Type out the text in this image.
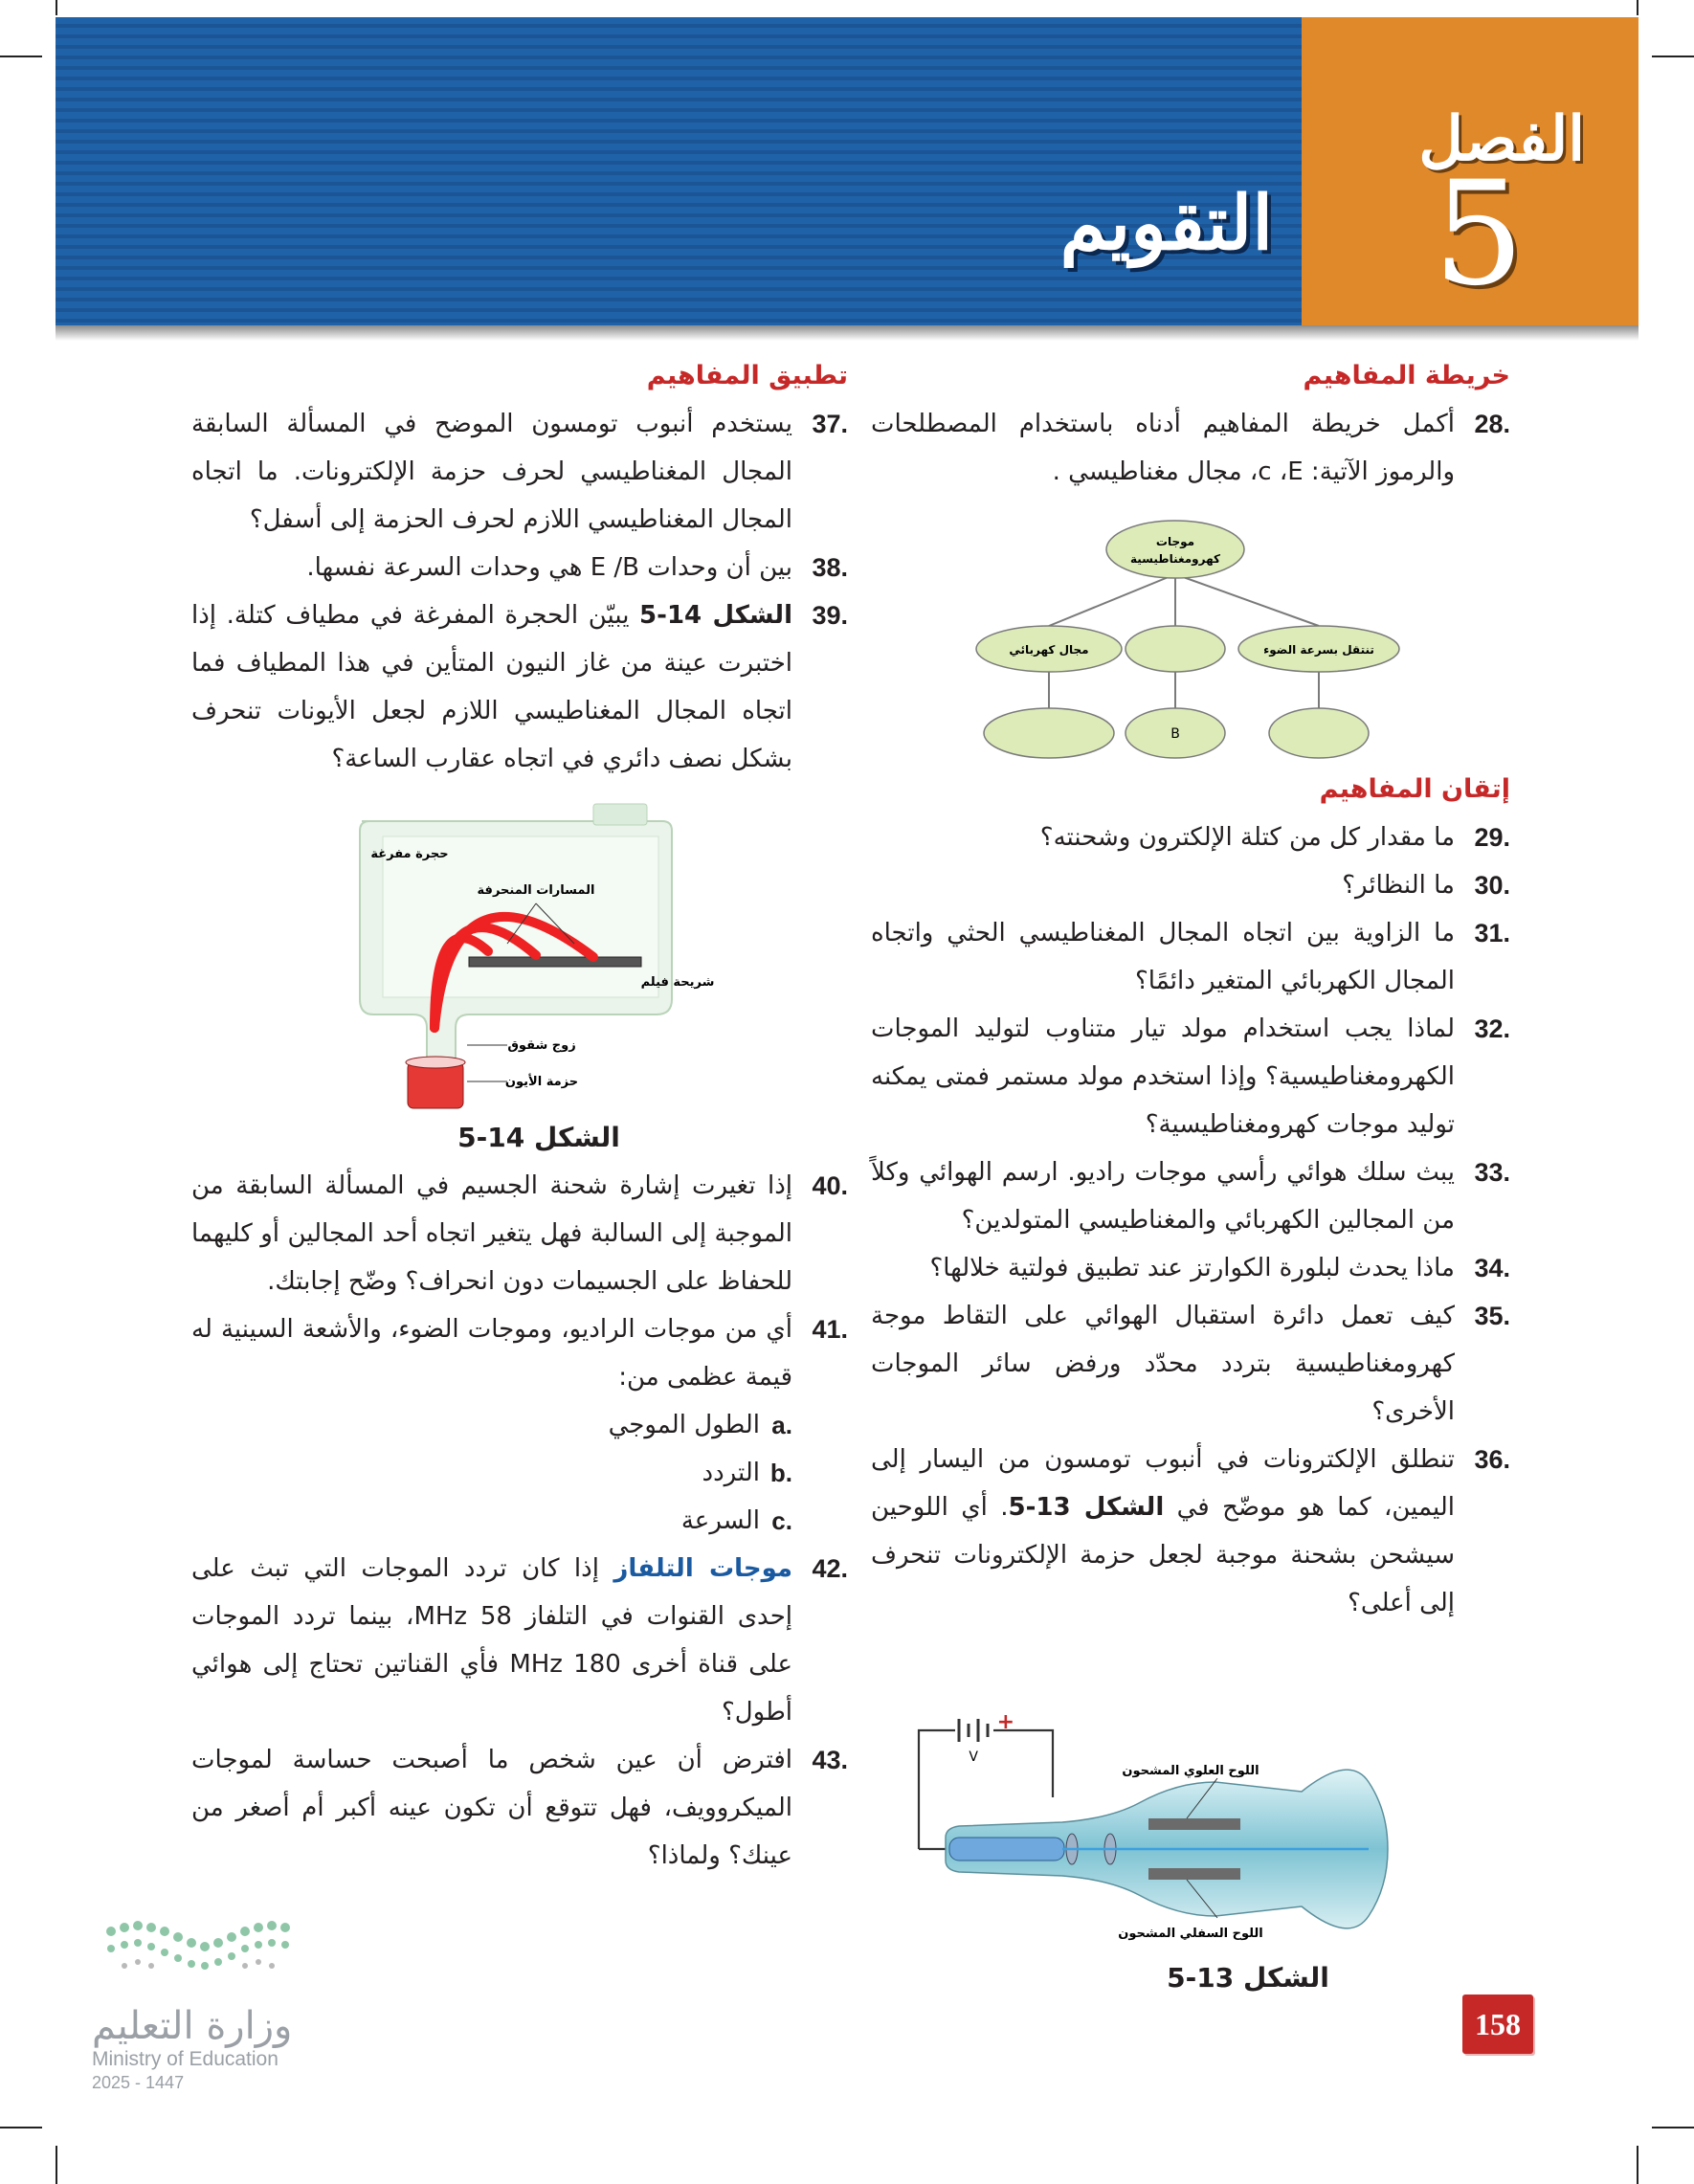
الفصل
5
التقويم
خريطة المفاهيم
.28
أكمل خريطة المفاهيم أدناه باستخدام المصطلحات والرموز الآتية: c ،E، مجال مغناطيسي .
موجات
كهرومغناطيسية
مجال كهربائي	تنتقل بسرعة الضوء
B
إتقان المفاهيم
.29
ما مقدار كل من كتلة الإلكترون وشحنته؟
.30
ما النظائر؟
.31
ما الزاوية بين اتجاه المجال المغناطيسي الحثي واتجاه المجال الكهربائي المتغير دائمًا؟
.32
لماذا يجب استخدام مولد تيار متناوب لتوليد الموجات الكهرومغناطيسية؟ وإذا استخدم مولد مستمر فمتى يمكنه توليد موجات كهرومغناطيسية؟
.33
يبث سلك هوائي رأسي موجات راديو. ارسم الهوائي وكلاً من المجالين الكهربائي والمغناطيسي المتولدين؟
.34
ماذا يحدث لبلورة الكوارتز عند تطبيق فولتية خلالها؟
.35
كيف تعمل دائرة استقبال الهوائي على التقاط موجة كهرومغناطيسية بتردد محدّد ورفض سائر الموجات الأخرى؟
.36
تنطلق الإلكترونات في أنبوب تومسون من اليسار إلى اليمين، كما هو موضّح في الشكل 13-5. أي اللوحين سيشحن بشحنة موجبة لجعل حزمة الإلكترونات تنحرف إلى أعلى؟
+
V
اللوح العلوي المشحون
اللوح السفلي المشحون
الشكل 13-5
تطبيق المفاهيم
.37
يستخدم أنبوب تومسون الموضح في المسألة السابقة المجال المغناطيسي لحرف حزمة الإلكترونات. ما اتجاه المجال المغناطيسي اللازم لحرف الحزمة إلى أسفل؟
.38
بين أن وحدات E /B هي وحدات السرعة نفسها.
.39
الشكل 14-5 يبيّن الحجرة المفرغة في مطياف كتلة. إذا اختبرت عينة من غاز النيون المتأين في هذا المطياف فما اتجاه المجال المغناطيسي اللازم لجعل الأيونات تنحرف بشكل نصف دائري في اتجاه عقارب الساعة؟
حجرة مفرغة
المسارات المنحرفة
شريحة فيلم
زوج شقوق
حزمة الأيون
الشكل 14-5
.40
إذا تغيرت إشارة شحنة الجسيم في المسألة السابقة من الموجبة إلى السالبة فهل يتغير اتجاه أحد المجالين أو كليهما للحفاظ على الجسيمات دون انحراف؟ وضّح إجابتك.
.41
أي من موجات الراديو، وموجات الضوء، والأشعة السينية له قيمة عظمى من:
.a
الطول الموجي
.b
التردد
.c
السرعة
.42
موجات التلفاز إذا كان تردد الموجات التي تبث على إحدى القنوات في التلفاز 58 MHz، بينما تردد الموجات على قناة أخرى 180 MHz فأي القناتين تحتاج إلى هوائي أطول؟
.43
افترض أن عين شخص ما أصبحت حساسة لموجات الميكروويف، فهل تتوقع أن تكون عينه أكبر أم أصغر من عينك؟ ولماذا؟
وزارة التعليم
Ministry of Education
2025 - 1447
158
